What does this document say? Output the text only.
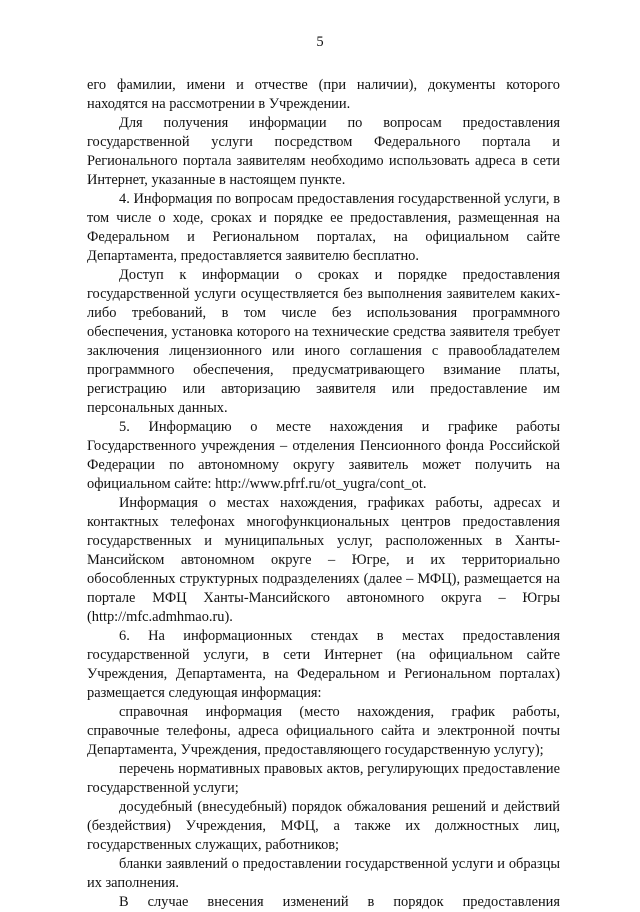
5

его фамилии, имени и отчестве (при наличии), документы которого находятся на рассмотрении в Учреждении.

Для получения информации по вопросам предоставления государственной услуги посредством Федерального портала и Регионального портала заявителям необходимо использовать адреса в сети Интернет, указанные в настоящем пункте.

4. Информация по вопросам предоставления государственной услуги, в том числе о ходе, сроках и порядке ее предоставления, размещенная на Федеральном и Региональном порталах, на официальном сайте Департамента, предоставляется заявителю бесплатно.

Доступ к информации о сроках и порядке предоставления государственной услуги осуществляется без выполнения заявителем каких-либо требований, в том числе без использования программного обеспечения, установка которого на технические средства заявителя требует заключения лицензионного или иного соглашения с правообладателем программного обеспечения, предусматривающего взимание платы, регистрацию или авторизацию заявителя или предоставление им персональных данных.

5. Информацию о месте нахождения и графике работы Государственного учреждения – отделения Пенсионного фонда Российской Федерации по автономному округу заявитель может получить на официальном сайте: http://www.pfrf.ru/ot_yugra/cont_ot.

Информация о местах нахождения, графиках работы, адресах и контактных телефонах многофункциональных центров предоставления государственных и муниципальных услуг, расположенных в Ханты-Мансийском автономном округе – Югре, и их территориально обособленных структурных подразделениях (далее – МФЦ), размещается на портале МФЦ Ханты-Мансийского автономного округа – Югры (http://mfc.admhmao.ru).

6. На информационных стендах в местах предоставления государственной услуги, в сети Интернет (на официальном сайте Учреждения, Департамента, на Федеральном и Региональном порталах) размещается следующая информация:

справочная информация (место нахождения, график работы, справочные телефоны, адреса официального сайта и электронной почты Департамента, Учреждения, предоставляющего государственную услугу);

перечень нормативных правовых актов, регулирующих предоставление государственной услуги;

досудебный (внесудебный) порядок обжалования решений и действий (бездействия) Учреждения, МФЦ, а также их должностных лиц, государственных служащих, работников;

бланки заявлений о предоставлении государственной услуги и образцы их заполнения.

В случае внесения изменений в порядок предоставления
